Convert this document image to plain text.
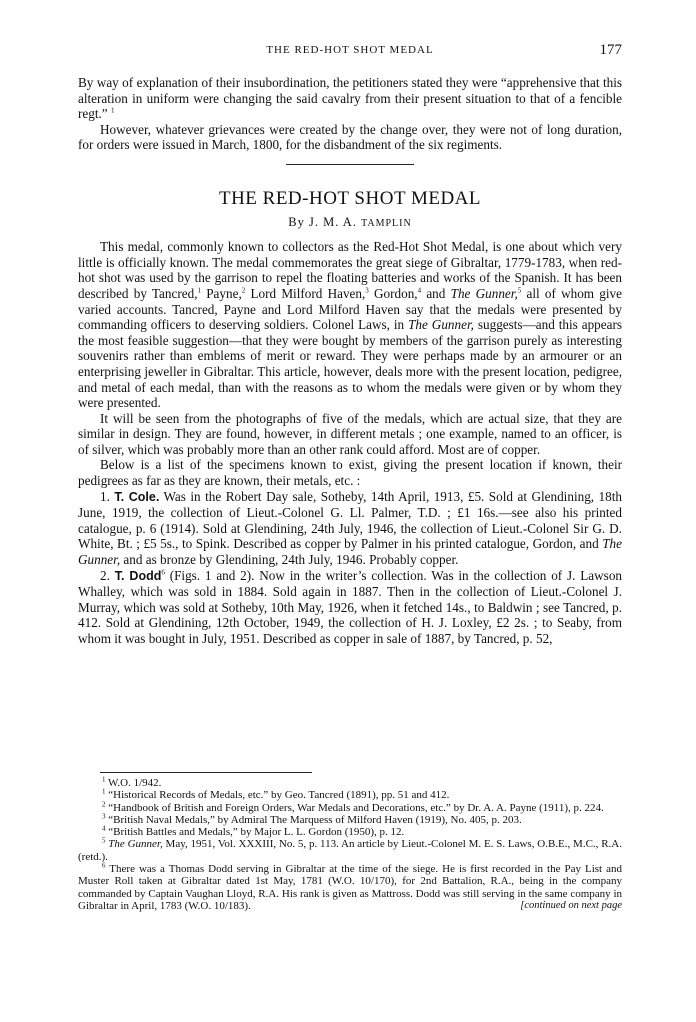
THE RED-HOT SHOT MEDAL	177

By way of explanation of their insubordination, the petitioners stated they were “apprehensive that this alteration in uniform were changing the said cavalry from their present situation to that of a fencible regt.” $^1$

However, whatever grievances were created by the change over, they were not of long duration, for orders were issued in March, 1800, for the disbandment of the six regiments.

THE RED-HOT SHOT MEDAL
By J. M. A. TAMPLIN

This medal, commonly known to collectors as the Red-Hot Shot Medal, is one about which very little is officially known. The medal commemorates the great siege of Gibraltar, 1779-1783, when red-hot shot was used by the garrison to repel the floating batteries and works of the Spanish. It has been described by Tancred,$^1$ Payne,$^2$ Lord Milford Haven,$^3$ Gordon,$^4$ and The Gunner,$^5$ all of whom give varied accounts. Tancred, Payne and Lord Milford Haven say that the medals were presented by commanding officers to deserving soldiers. Colonel Laws, in The Gunner, suggests—and this appears the most feasible suggestion—that they were bought by members of the garrison purely as interesting souvenirs rather than emblems of merit or reward. They were perhaps made by an armourer or an enterprising jeweller in Gibraltar. This article, however, deals more with the present location, pedigree, and metal of each medal, than with the reasons as to whom the medals were given or by whom they were presented.

It will be seen from the photographs of five of the medals, which are actual size, that they are similar in design. They are found, however, in different metals ; one example, named to an officer, is of silver, which was probably more than an other rank could afford. Most are of copper.

Below is a list of the specimens known to exist, giving the present location if known, their pedigrees as far as they are known, their metals, etc. :

1. T. Cole. Was in the Robert Day sale, Sotheby, 14th April, 1913, £5. Sold at Glendining, 18th June, 1919, the collection of Lieut.-Colonel G. Ll. Palmer, T.D. ; £1 16s.—see also his printed catalogue, p. 6 (1914). Sold at Glendining, 24th July, 1946, the collection of Lieut.-Colonel Sir G. D. White, Bt. ; £5 5s., to Spink. Described as copper by Palmer in his printed catalogue, Gordon, and The Gunner, and as bronze by Glendining, 24th July, 1946. Probably copper.

2. T. Dodd$^6$ (Figs. 1 and 2). Now in the writer’s collection. Was in the collection of J. Lawson Whalley, which was sold in 1884. Sold again in 1887. Then in the collection of Lieut.-Colonel J. Murray, which was sold at Sotheby, 10th May, 1926, when it fetched 14s., to Baldwin ; see Tancred, p. 412. Sold at Glendining, 12th October, 1949, the collection of H. J. Loxley, £2 2s. ; to Seaby, from whom it was bought in July, 1951. Described as copper in sale of 1887, by Tancred, p. 52,

$^1$ W.O. 1/942.

$^1$ “Historical Records of Medals, etc.” by Geo. Tancred (1891), pp. 51 and 412.

$^2$ “Handbook of British and Foreign Orders, War Medals and Decorations, etc.” by Dr. A. A. Payne (1911), p. 224.

$^3$ “British Naval Medals,” by Admiral The Marquess of Milford Haven (1919), No. 405, p. 203.

$^4$ “British Battles and Medals,” by Major L. L. Gordon (1950), p. 12.

$^5$ The Gunner, May, 1951, Vol. XXXIII, No. 5, p. 113. An article by Lieut.-Colonel M. E. S. Laws, O.B.E., M.C., R.A. (retd.).

$^6$ There was a Thomas Dodd serving in Gibraltar at the time of the siege. He is first recorded in the Pay List and Muster Roll taken at Gibraltar dated 1st May, 1781 (W.O. 10/170), for 2nd Battalion, R.A., being in the company commanded by Captain Vaughan Lloyd, R.A. His rank is given as Mattross. Dodd was still serving in the same company in Gibraltar in April, 1783 (W.O. 10/183).	[continued on next page
